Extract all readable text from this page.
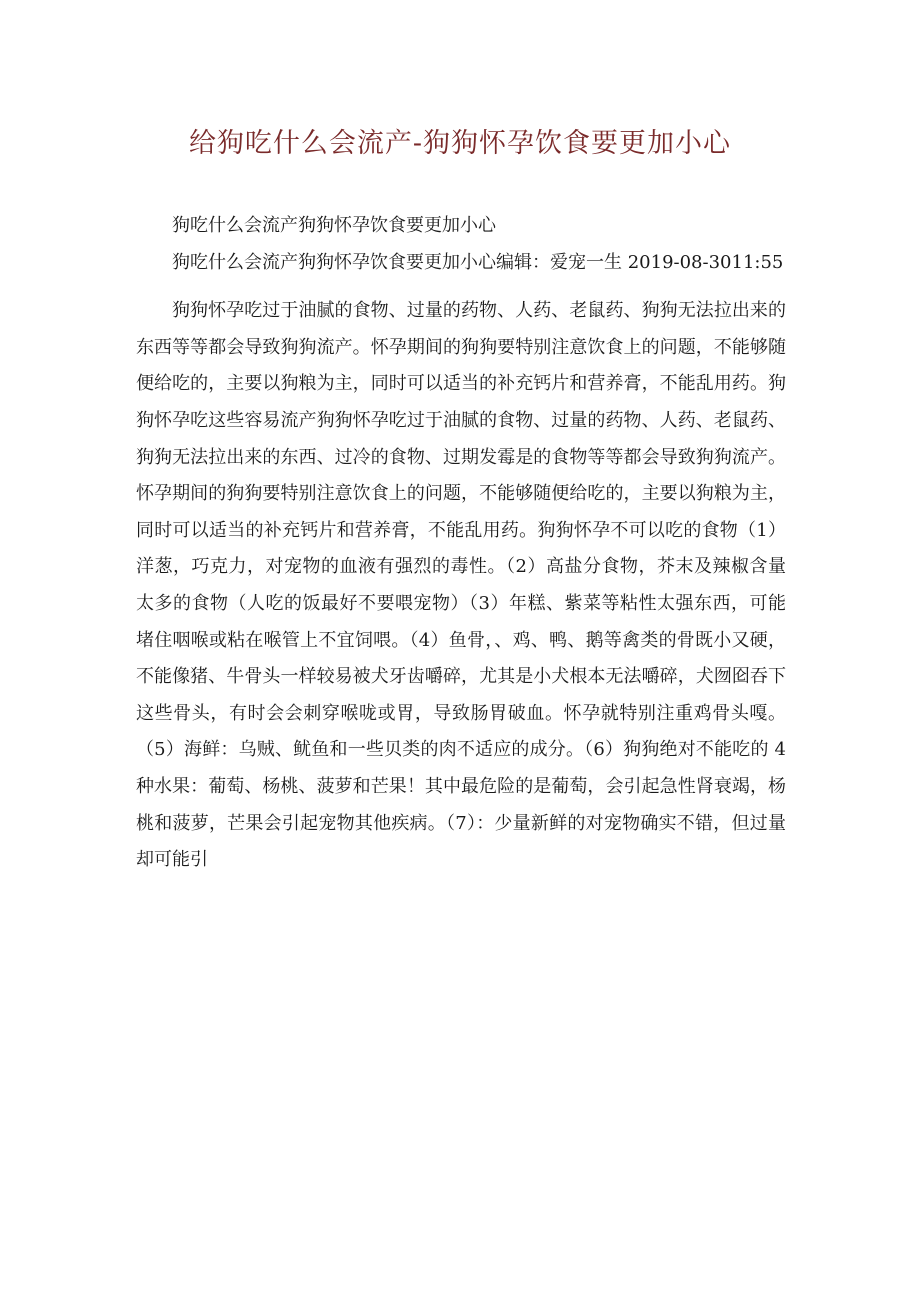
给狗吃什么会流产-狗狗怀孕饮食要更加小心

狗吃什么会流产狗狗怀孕饮食要更加小心

狗吃什么会流产狗狗怀孕饮食要更加小心编辑：爱宠一生 2019-08-3011:55

狗狗怀孕吃过于油腻的食物、过量的药物、人药、老鼠药、狗狗无法拉出来的东西等等都会导致狗狗流产。怀孕期间的狗狗要特别注意饮食上的问题，不能够随便给吃的，主要以狗粮为主，同时可以适当的补充钙片和营养膏，不能乱用药。狗狗怀孕吃这些容易流产狗狗怀孕吃过于油腻的食物、过量的药物、人药、老鼠药、狗狗无法拉出来的东西、过冷的食物、过期发霉是的食物等等都会导致狗狗流产。怀孕期间的狗狗要特别注意饮食上的问题，不能够随便给吃的，主要以狗粮为主，同时可以适当的补充钙片和营养膏，不能乱用药。狗狗怀孕不可以吃的食物（1）洋葱，巧克力，对宠物的血液有强烈的毒性。（2）高盐分食物，芥末及辣椒含量太多的食物（人吃的饭最好不要喂宠物）（3）年糕、紫菜等粘性太强东西，可能堵住咽喉或粘在喉管上不宜饲喂。（4）鱼骨，、鸡、鸭、鹅等禽类的骨既小又硬，不能像猪、牛骨头一样较易被犬牙齿嚼碎，尤其是小犬根本无法嚼碎，犬囫囵吞下这些骨头，有时会会刺穿喉咙或胃，导致肠胃破血。怀孕就特别注重鸡骨头嘎。（5）海鲜：乌贼、鱿鱼和一些贝类的肉不适应的成分。（6）狗狗绝对不能吃的 4 种水果：葡萄、杨桃、菠萝和芒果！其中最危险的是葡萄，会引起急性肾衰竭，杨桃和菠萝，芒果会引起宠物其他疾病。（7）：少量新鲜的对宠物确实不错，但过量却可能引
